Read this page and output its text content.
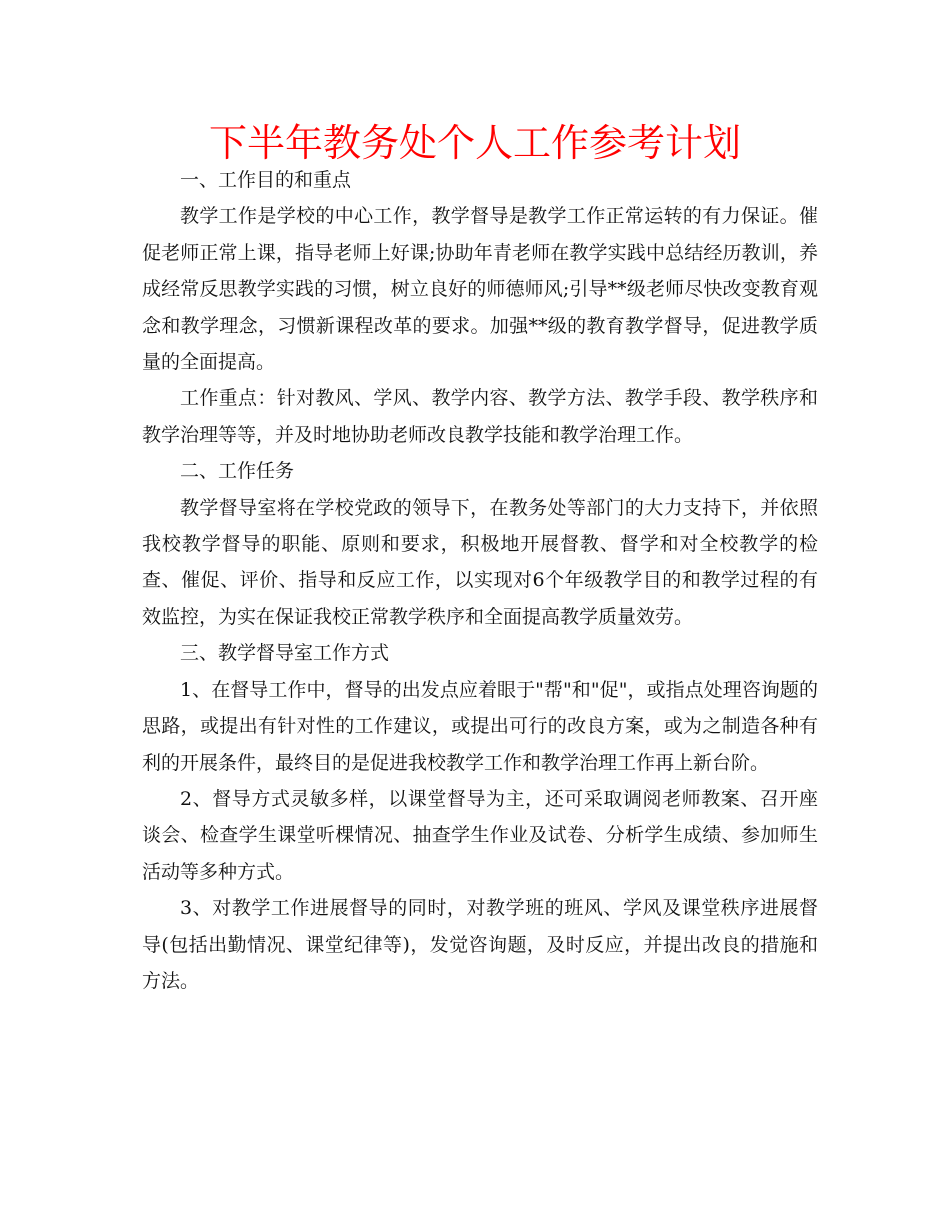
下半年教务处个人工作参考计划

一、工作目的和重点

教学工作是学校的中心工作，教学督导是教学工作正常运转的有力保证。催促老师正常上课，指导老师上好课;协助年青老师在教学实践中总结经历教训，养成经常反思教学实践的习惯，树立良好的师德师风;引导**级老师尽快改变教育观念和教学理念，习惯新课程改革的要求。加强**级的教育教学督导，促进教学质量的全面提高。

工作重点：针对教风、学风、教学内容、教学方法、教学手段、教学秩序和教学治理等等，并及时地协助老师改良教学技能和教学治理工作。

二、工作任务

教学督导室将在学校党政的领导下，在教务处等部门的大力支持下，并依照我校教学督导的职能、原则和要求，积极地开展督教、督学和对全校教学的检查、催促、评价、指导和反应工作，以实现对6个年级教学目的和教学过程的有效监控，为实在保证我校正常教学秩序和全面提高教学质量效劳。

三、教学督导室工作方式

1、在督导工作中，督导的出发点应着眼于"帮"和"促"，或指点处理咨询题的思路，或提出有针对性的工作建议，或提出可行的改良方案，或为之制造各种有利的开展条件，最终目的是促进我校教学工作和教学治理工作再上新台阶。

2、督导方式灵敏多样，以课堂督导为主，还可采取调阅老师教案、召开座谈会、检查学生课堂听棵情况、抽查学生作业及试卷、分析学生成绩、参加师生活动等多种方式。

3、对教学工作进展督导的同时，对教学班的班风、学风及课堂秩序进展督导(包括出勤情况、课堂纪律等)，发觉咨询题，及时反应，并提出改良的措施和方法。
